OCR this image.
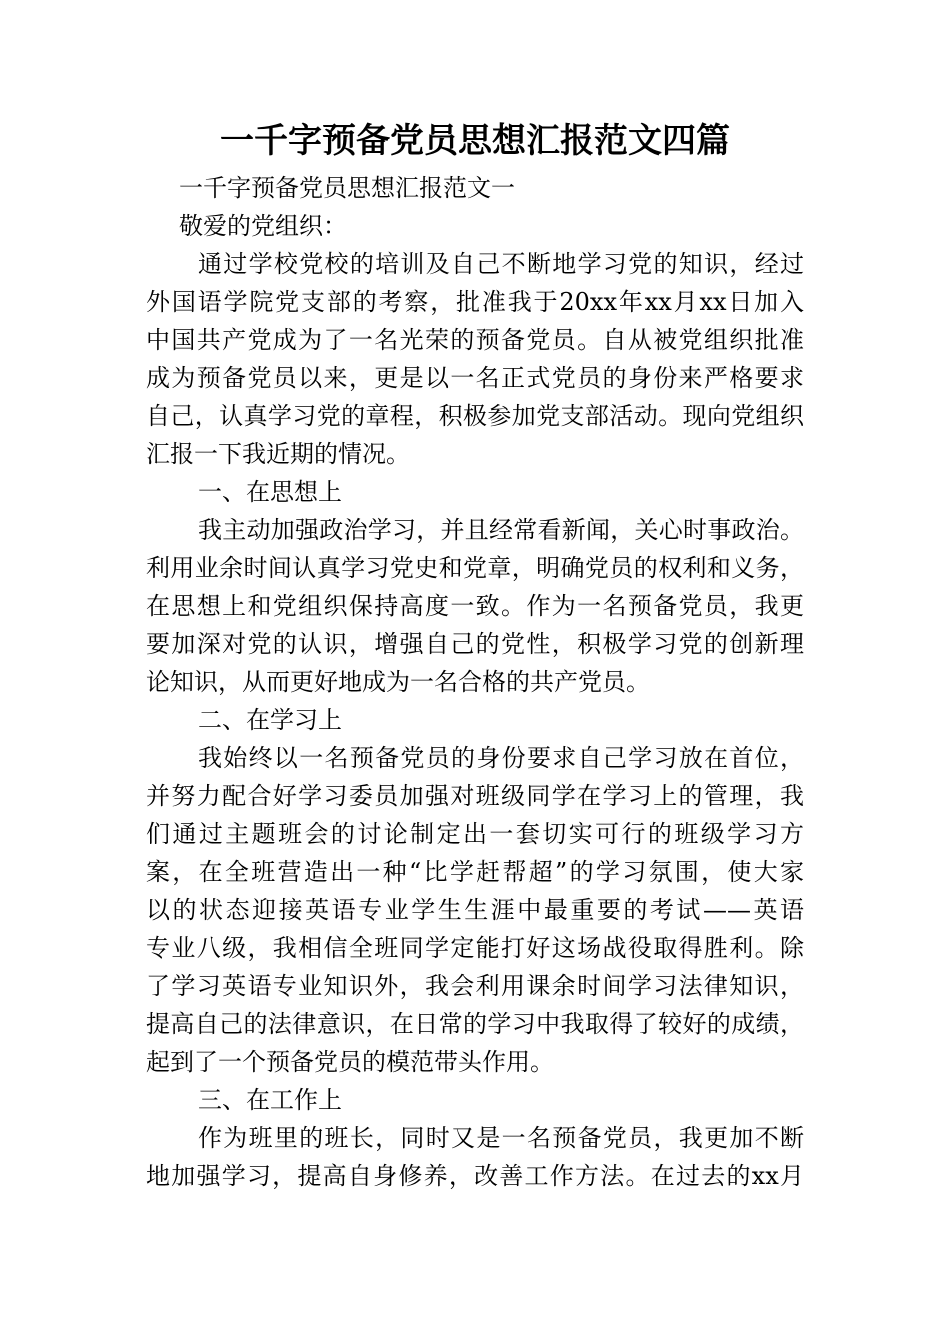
一千字预备党员思想汇报范文四篇

一千字预备党员思想汇报范文一

敬爱的党组织：

通过学校党校的培训及自己不断地学习党的知识，经过

外国语学院党支部的考察，批准我于20xx年xx月xx日加入

中国共产党成为了一名光荣的预备党员。自从被党组织批准

成为预备党员以来，更是以一名正式党员的身份来严格要求

自己，认真学习党的章程，积极参加党支部活动。现向党组织

汇报一下我近期的情况。

一、在思想上

我主动加强政治学习，并且经常看新闻，关心时事政治。

利用业余时间认真学习党史和党章，明确党员的权利和义务，

在思想上和党组织保持高度一致。作为一名预备党员，我更

要加深对党的认识，增强自己的党性，积极学习党的创新理

论知识，从而更好地成为一名合格的共产党员。

二、在学习上

我始终以一名预备党员的身份要求自己学习放在首位，

并努力配合好学习委员加强对班级同学在学习上的管理，我

们通过主题班会的讨论制定出一套切实可行的班级学习方

案，在全班营造出一种“比学赶帮超”的学习氛围，使大家

以的状态迎接英语专业学生生涯中最重要的考试——英语

专业八级，我相信全班同学定能打好这场战役取得胜利。除

了学习英语专业知识外，我会利用课余时间学习法律知识，

提高自己的法律意识，在日常的学习中我取得了较好的成绩，

起到了一个预备党员的模范带头作用。

三、在工作上

作为班里的班长，同时又是一名预备党员，我更加不断

地加强学习，提高自身修养，改善工作方法。在过去的xx月
